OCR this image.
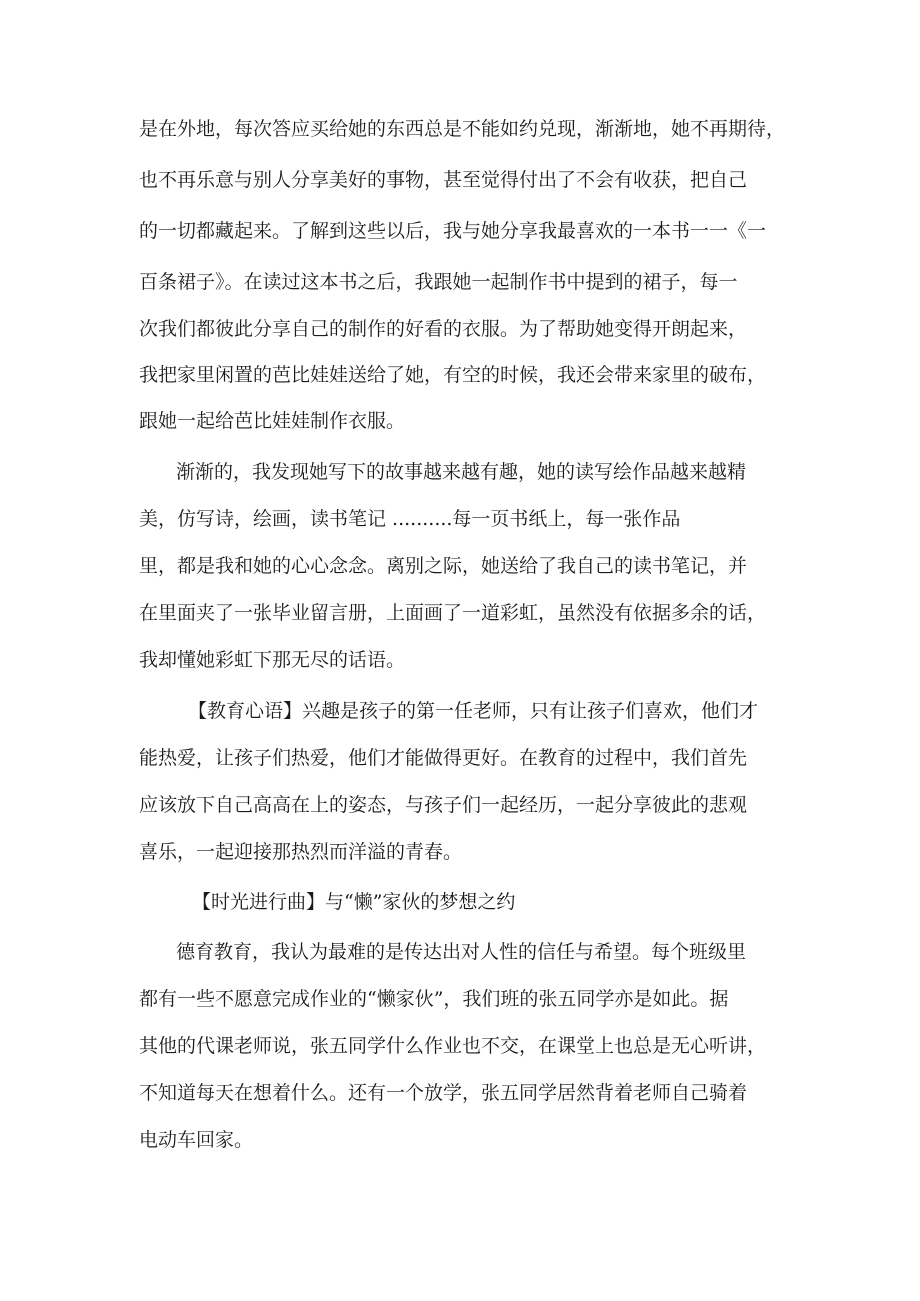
是在外地，每次答应买给她的东西总是不能如约兑现，渐渐地，她不再期待，
也不再乐意与别人分享美好的事物，甚至觉得付出了不会有收获，把自己
的一切都藏起来。了解到这些以后，我与她分享我最喜欢的一本书一一《一
百条裙子》。在读过这本书之后，我跟她一起制作书中提到的裙子，每一
次我们都彼此分享自己的制作的好看的衣服。为了帮助她变得开朗起来，
我把家里闲置的芭比娃娃送给了她，有空的时候，我还会带来家里的破布，
跟她一起给芭比娃娃制作衣服。
渐渐的，我发现她写下的故事越来越有趣，她的读写绘作品越来越精
美，仿写诗，绘画，读书笔记 ..........每一页书纸上，每一张作品
里，都是我和她的心心念念。离别之际，她送给了我自己的读书笔记，并
在里面夹了一张毕业留言册，上面画了一道彩虹，虽然没有依据多余的话，
我却懂她彩虹下那无尽的话语。
【教育心语】兴趣是孩子的第一任老师，只有让孩子们喜欢，他们才
能热爱，让孩子们热爱，他们才能做得更好。在教育的过程中，我们首先
应该放下自己高高在上的姿态，与孩子们一起经历，一起分享彼此的悲观
喜乐，一起迎接那热烈而洋溢的青春。
【时光进行曲】与“懒”家伙的梦想之约
德育教育，我认为最难的是传达出对人性的信任与希望。每个班级里
都有一些不愿意完成作业的“懒家伙”，我们班的张五同学亦是如此。据
其他的代课老师说，张五同学什么作业也不交，在课堂上也总是无心听讲，
不知道每天在想着什么。还有一个放学，张五同学居然背着老师自己骑着
电动车回家。
